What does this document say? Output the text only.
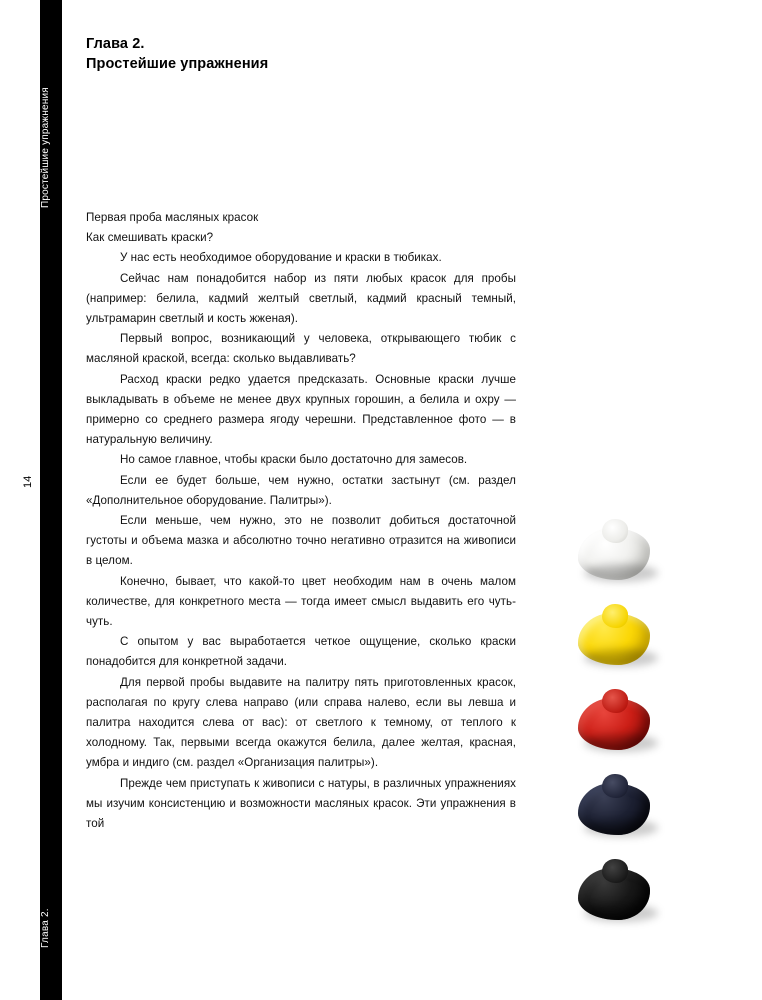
Простейшие упражнения
Глава 2.
14
Глава 2.
Простейшие упражнения

Первая проба масляных красок

Как смешивать краски?

У нас есть необходимое оборудование и краски в тюбиках.

Сейчас нам понадобится набор из пяти любых красок для пробы (например: белила, кадмий желтый светлый, кадмий красный темный, ультрамарин светлый и кость жженая).

Первый вопрос, возникающий у человека, открывающего тюбик с масляной краской, всегда: сколько выдавливать?

Расход краски редко удается предсказать. Основные краски лучше выкладывать в объеме не менее двух крупных горошин, а белила и охру — примерно со среднего размера ягоду черешни. Представленное фото — в натуральную величину.

Но самое главное, чтобы краски было достаточно для замесов.

Если ее будет больше, чем нужно, остатки застынут (см. раздел «Дополнительное оборудование. Палитры»).

Если меньше, чем нужно, это не позволит добиться достаточной густоты и объема мазка и абсолютно точно негативно отразится на живописи в целом.

Конечно, бывает, что какой-то цвет необходим нам в очень малом количестве, для конкретного места — тогда имеет смысл выдавить его чуть-чуть.

С опытом у вас выработается четкое ощущение, сколько краски понадобится для конкретной задачи.

Для первой пробы выдавите на палитру пять приготовленных красок, располагая по кругу слева направо (или справа налево, если вы левша и палитра находится слева от вас): от светлого к темному, от теплого к холодному. Так, первыми всегда окажутся белила, далее желтая, красная, умбра и индиго (см. раздел «Организация палитры»).

Прежде чем приступать к живописи с натуры, в различных упражнениях мы изучим консистенцию и возможности масляных красок. Эти упражнения в той
